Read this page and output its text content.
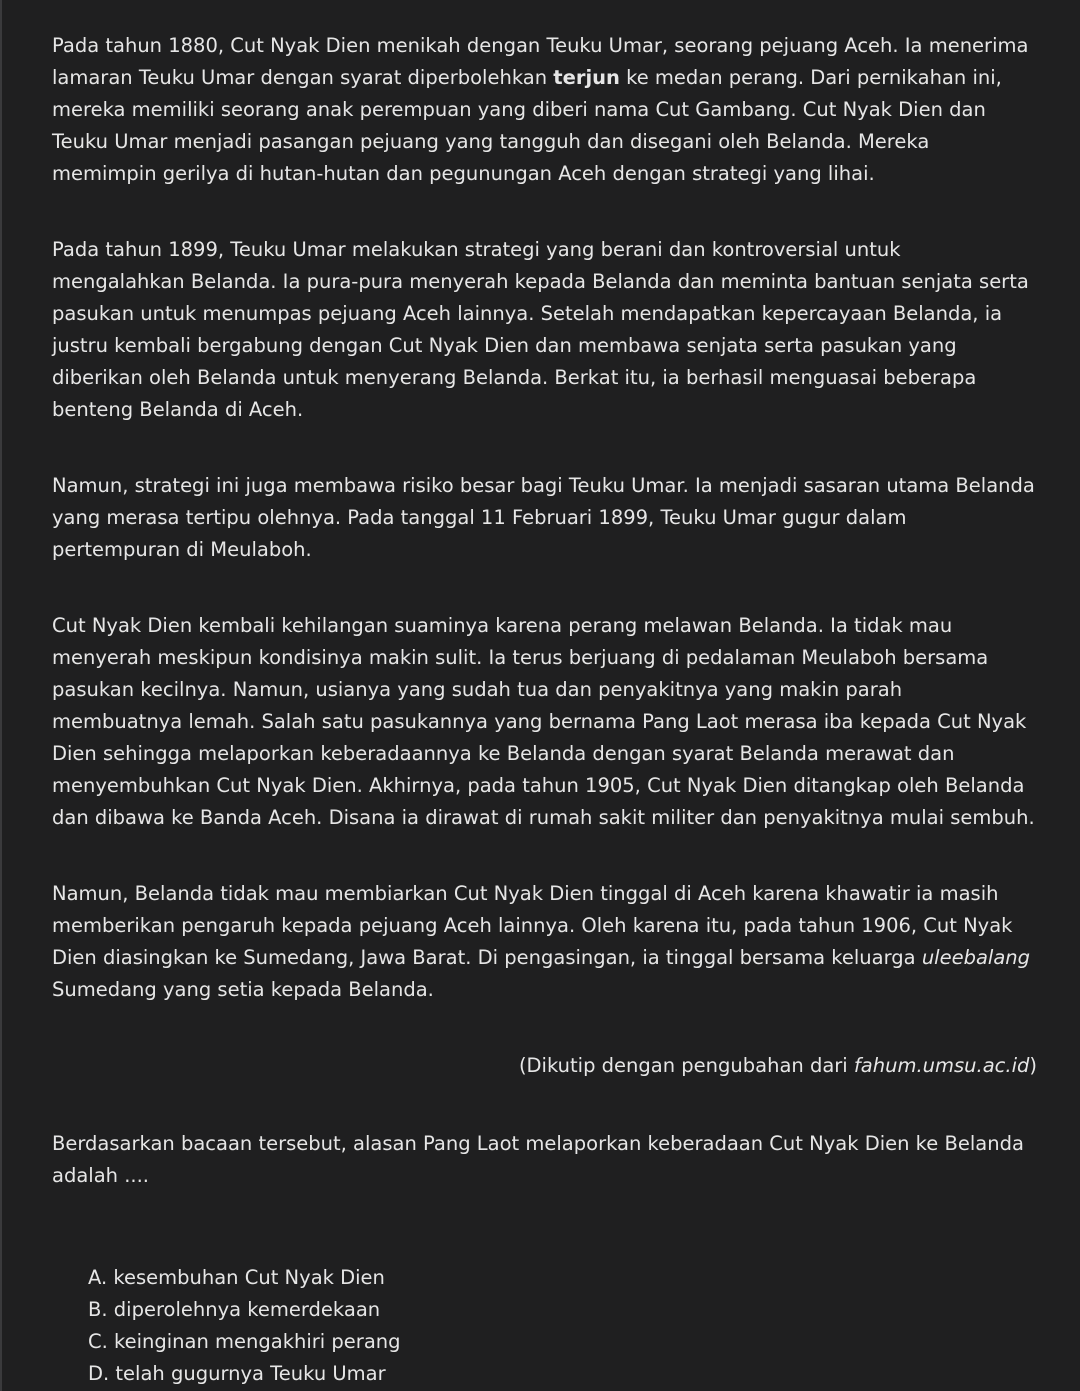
Pada tahun 1880, Cut Nyak Dien menikah dengan Teuku Umar, seorang pejuang Aceh. Ia menerima lamaran Teuku Umar dengan syarat diperbolehkan terjun ke medan perang. Dari pernikahan ini, mereka memiliki seorang anak perempuan yang diberi nama Cut Gambang. Cut Nyak Dien dan Teuku Umar menjadi pasangan pejuang yang tangguh dan disegani oleh Belanda. Mereka memimpin gerilya di hutan-hutan dan pegunungan Aceh dengan strategi yang lihai.

Pada tahun 1899, Teuku Umar melakukan strategi yang berani dan kontroversial untuk mengalahkan Belanda. Ia pura-pura menyerah kepada Belanda dan meminta bantuan senjata serta pasukan untuk menumpas pejuang Aceh lainnya. Setelah mendapatkan kepercayaan Belanda, ia justru kembali bergabung dengan Cut Nyak Dien dan membawa senjata serta pasukan yang diberikan oleh Belanda untuk menyerang Belanda. Berkat itu, ia berhasil menguasai beberapa benteng Belanda di Aceh.

Namun, strategi ini juga membawa risiko besar bagi Teuku Umar. Ia menjadi sasaran utama Belanda yang merasa tertipu olehnya. Pada tanggal 11 Februari 1899, Teuku Umar gugur dalam pertempuran di Meulaboh.

Cut Nyak Dien kembali kehilangan suaminya karena perang melawan Belanda. Ia tidak mau menyerah meskipun kondisinya makin sulit. Ia terus berjuang di pedalaman Meulaboh bersama pasukan kecilnya. Namun, usianya yang sudah tua dan penyakitnya yang makin parah membuatnya lemah. Salah satu pasukannya yang bernama Pang Laot merasa iba kepada Cut Nyak Dien sehingga melaporkan keberadaannya ke Belanda dengan syarat Belanda merawat dan menyembuhkan Cut Nyak Dien. Akhirnya, pada tahun 1905, Cut Nyak Dien ditangkap oleh Belanda dan dibawa ke Banda Aceh. Disana ia dirawat di rumah sakit militer dan penyakitnya mulai sembuh.

Namun, Belanda tidak mau membiarkan Cut Nyak Dien tinggal di Aceh karena khawatir ia masih memberikan pengaruh kepada pejuang Aceh lainnya. Oleh karena itu, pada tahun 1906, Cut Nyak Dien diasingkan ke Sumedang, Jawa Barat. Di pengasingan, ia tinggal bersama keluarga uleebalang Sumedang yang setia kepada Belanda.

(Dikutip dengan pengubahan dari fahum.umsu.ac.id)

Berdasarkan bacaan tersebut, alasan Pang Laot melaporkan keberadaan Cut Nyak Dien ke Belanda adalah ....

A. kesembuhan Cut Nyak Dien
B. diperolehnya kemerdekaan
C. keinginan mengakhiri perang
D. telah gugurnya Teuku Umar
